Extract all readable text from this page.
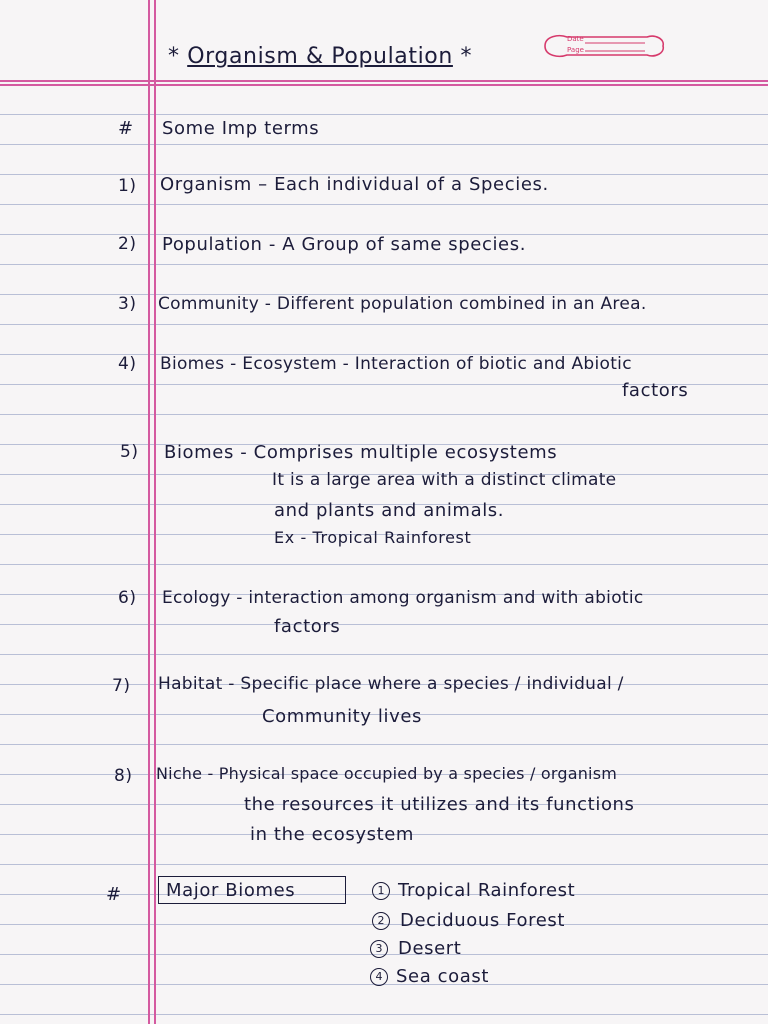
Date
Page
* Organism & Population *
# Some Imp terms
1) Organism – Each individual of a Species.
2) Population - A Group of same species.
3) Community - Different population combined in an Area.
4) Biomes - Ecosystem - Interaction of biotic and Abiotic
factors
5) Biomes - Comprises multiple ecosystems
It is a large area with a distinct climate
and plants and animals.
Ex - Tropical Rainforest
6) Ecology - interaction among organism and with abiotic
factors
7) Habitat - Specific place where a species / individual /
Community lives
8) Niche - Physical space occupied by a species / organism
the resources it utilizes and its functions
in the ecosystem
# Major Biomes	1 Tropical Rainforest
2 Deciduous Forest
3 Desert
4 Sea coast
